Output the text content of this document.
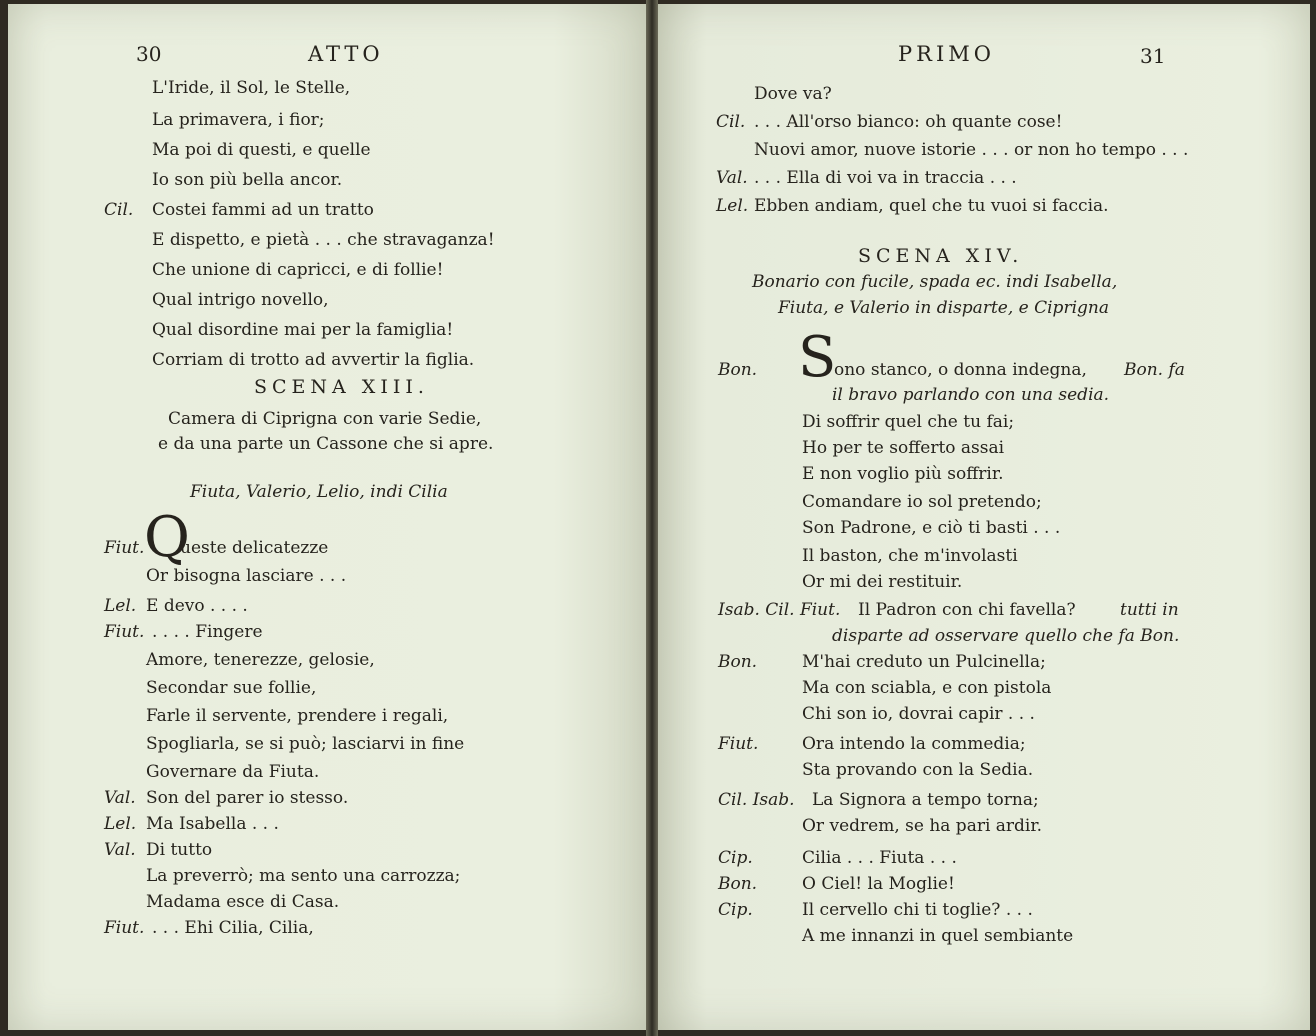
30	ATTO
L'Iride, il Sol, le Stelle,
La primavera, i fior;
Ma poi di questi, e quelle
Io son più bella ancor.
Cil. Costei fammi ad un tratto
E dispetto, e pietà . . . che stravaganza!
Che unione di capricci, e di follie!
Qual intrigo novello,
Qual disordine mai per la famiglia!
Corriam di trotto ad avvertir la figlia.
SCENA XIII.
Camera di Ciprigna con varie Sedie,
e da una parte un Cassone che si apre.
Fiuta, Valerio, Lelio, indi Cilia
Fiut. Q
ueste delicatezze
Or bisogna lasciare . . .
Lel. E devo . . . .
Fiut. . . . . Fingere
Amore, tenerezze, gelosie,
Secondar sue follie,
Farle il servente, prendere i regali,
Spogliarla, se si può; lasciarvi in fine
Governare da Fiuta.
Val. Son del parer io stesso.
Lel. Ma Isabella . . .
Val. Di tutto
La preverrò; ma sento una carrozza;
Madama esce di Casa.
Fiut. . . . Ehi Cilia, Cilia,
PRIMO	31
Dove va?
Cil. . . . All'orso bianco: oh quante cose!
Nuovi amor, nuove istorie . . . or non ho tempo . . .
Val. . . . Ella di voi va in traccia . . .
Lel. Ebben andiam, quel che tu vuoi si faccia.
SCENA XIV.
Bonario con fucile, spada ec. indi Isabella,
Fiuta, e Valerio in disparte, e Ciprigna
Bon. S
ono stanco, o donna indegna, Bon. fa
il bravo parlando con una sedia.
Di soffrir quel che tu fai;
Ho per te sofferto assai
E non voglio più soffrir.
Comandare io sol pretendo;
Son Padrone, e ciò ti basti . . .
Il baston, che m'involasti
Or mi dei restituir.
Isab. Cil. Fiut. Il Padron con chi favella?	tutti in
disparte ad osservare quello che fa Bon.
Bon.	M'hai creduto un Pulcinella;
Ma con sciabla, e con pistola
Chi son io, dovrai capir . . .
Fiut.	Ora intendo la commedia;
Sta provando con la Sedia.
Cil. Isab. La Signora a tempo torna;
Or vedrem, se ha pari ardir.
Cip.	Cilia . . . Fiuta . . .
Bon.	O Ciel! la Moglie!
Cip.	Il cervello chi ti toglie? . . .
A me innanzi in quel sembiante
